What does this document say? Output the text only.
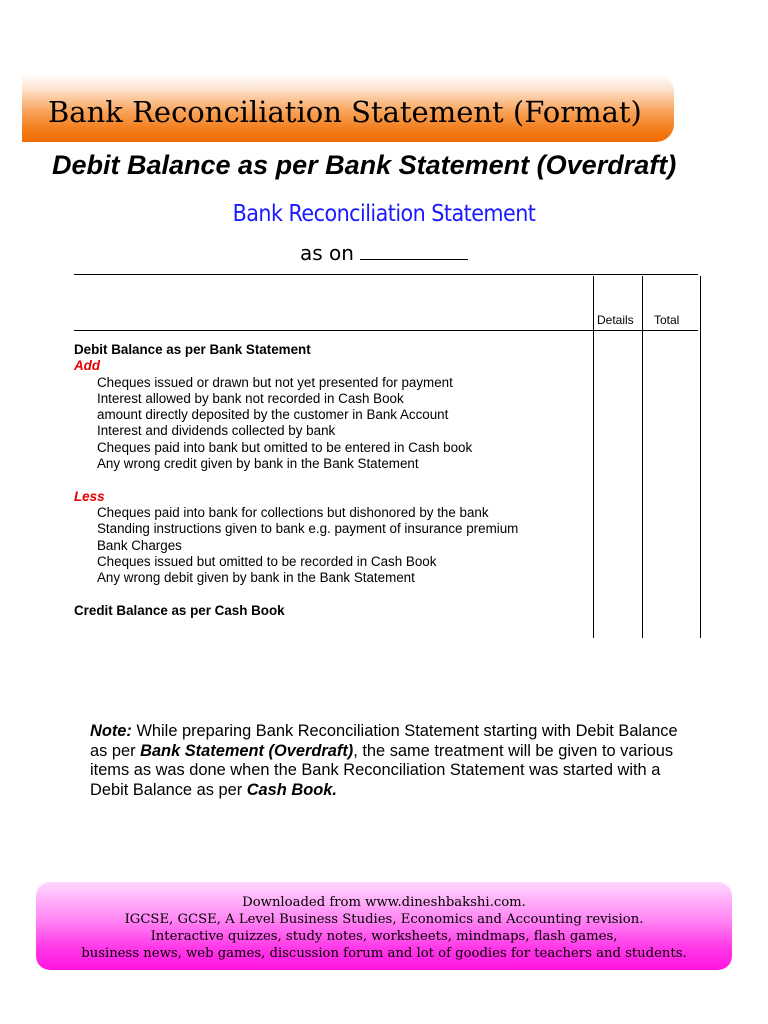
Bank Reconciliation Statement (Format)
Debit Balance as per Bank Statement (Overdraft)
Bank Reconciliation Statement
as on
Details Total
Debit Balance as per Bank Statement
Add
Cheques issued or drawn but not yet presented for payment
Interest allowed by bank not recorded in Cash Book
amount directly deposited by the customer in Bank Account
Interest and dividends collected by bank
Cheques paid into bank but omitted to be entered in Cash book
Any wrong credit given by bank in the Bank Statement
Less
Cheques paid into bank for collections but dishonored by the bank
Standing instructions given to bank e.g. payment of insurance premium
Bank Charges
Cheques issued but omitted to be recorded in Cash Book
Any wrong debit given by bank in the Bank Statement
Credit Balance as per Cash Book

Note: While preparing Bank Reconciliation Statement starting with Debit Balance as per Bank Statement (Overdraft), the same treatment will be given to various items as was done when the Bank Reconciliation Statement was started with a Debit Balance as per Cash Book.

Downloaded from www.dineshbakshi.com.
IGCSE, GCSE, A Level Business Studies, Economics and Accounting revision.
Interactive quizzes, study notes, worksheets, mindmaps, flash games,
business news, web games, discussion forum and lot of goodies for teachers and students.
